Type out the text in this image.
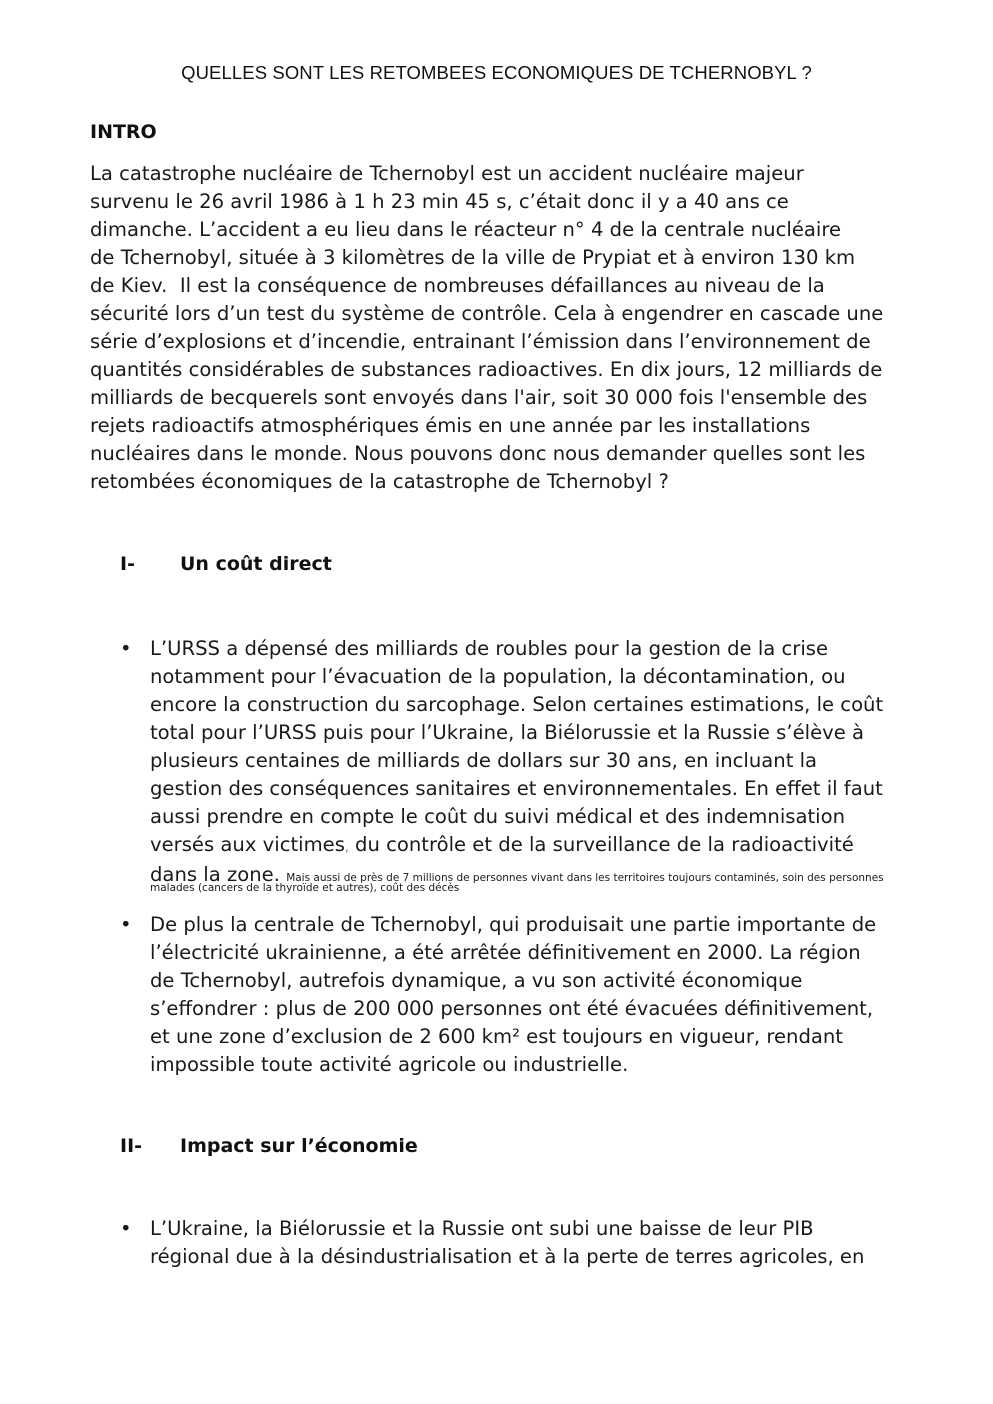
QUELLES SONT LES RETOMBEES ECONOMIQUES DE TCHERNOBYL ?
INTRO
La catastrophe nucléaire de Tchernobyl est un accident nucléaire majeur
survenu le 26 avril 1986 à 1 h 23 min 45 s, c’était donc il y a 40 ans ce
dimanche. L’accident a eu lieu dans le réacteur n° 4 de la centrale nucléaire
de Tchernobyl, située à 3 kilomètres de la ville de Prypiat et à environ 130 km
de Kiev.  Il est la conséquence de nombreuses défaillances au niveau de la
sécurité lors d’un test du système de contrôle. Cela à engendrer en cascade une
série d’explosions et d’incendie, entrainant l’émission dans l’environnement de
quantités considérables de substances radioactives. En dix jours, 12 milliards de
milliards de becquerels sont envoyés dans l'air, soit 30 000 fois l'ensemble des
rejets radioactifs atmosphériques émis en une année par les installations
nucléaires dans le monde. Nous pouvons donc nous demander quelles sont les
retombées économiques de la catastrophe de Tchernobyl ?
I- Un coût direct
• L’URSS a dépensé des milliards de roubles pour la gestion de la crise
notamment pour l’évacuation de la population, la décontamination, ou
encore la construction du sarcophage. Selon certaines estimations, le coût
total pour l’URSS puis pour l’Ukraine, la Biélorussie et la Russie s’élève à
plusieurs centaines de milliards de dollars sur 30 ans, en incluant la
gestion des conséquences sanitaires et environnementales. En effet il faut
aussi prendre en compte le coût du suivi médical et des indemnisation
versés aux victimes, du contrôle et de la surveillance de la radioactivité
dans la zone. Mais aussi de près de 7 millions de personnes vivant dans les territoires toujours contaminés, soin des personnes
malades (cancers de la thyroïde et autres), coût des décès
• De plus la centrale de Tchernobyl, qui produisait une partie importante de
l’électricité ukrainienne, a été arrêtée définitivement en 2000. La région
de Tchernobyl, autrefois dynamique, a vu son activité économique
s’effondrer : plus de 200 000 personnes ont été évacuées définitivement,
et une zone d’exclusion de 2 600 km² est toujours en vigueur, rendant
impossible toute activité agricole ou industrielle.
II- Impact sur l’économie
• L’Ukraine, la Biélorussie et la Russie ont subi une baisse de leur PIB
régional due à la désindustrialisation et à la perte de terres agricoles, en
